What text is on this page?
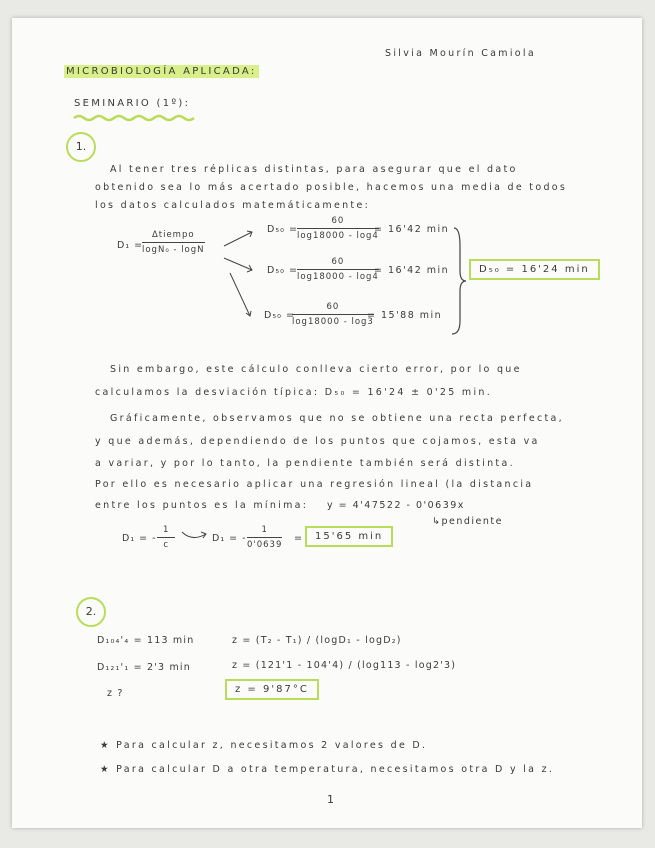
Silvia Mourín Camiola
MICROBIOLOGÍA APLICADA:
SEMINARIO (1º):
1.
Al tener tres réplicas distintas, para asegurar que el dato
obtenido sea lo más acertado posible, hacemos una media de todos
los datos calculados matemáticamente:
D₁ =
Δtiempo
logN₀ - logN
$D_{50} = \frac{60}{\log 18000 - \log 4}$
= 16'42 min
$D_{50} = \frac{60}{\log 18000 - \log 4}$
= 16'42 min
D₅₀ =
$\frac{60}{\log 18000 - \log 3}$
= 15'88 min
D₅₀ = 16'24 min
Sin embargo, este cálculo conlleva cierto error, por lo que
calculamos la desviación típica: D₅₀ = 16'24 ± 0'25 min.
Gráficamente, observamos que no se obtiene una recta perfecta,
y que además, dependiendo de los puntos que cojamos, esta va
a variar, y por lo tanto, la pendiente también será distinta.
Por ello es necesario aplicar una regresión lineal (la distancia
entre los puntos es la mínima: y = 4'47522 - 0'0639x
↳pendiente
D₁ = - $\frac{1}{c}$	D₁ = - $\frac{1}{0'0639}$ =	15'65 min
2.
D₁₀₄'₄ = 113 min
D₁₂₁'₁ = 2'3 min
z ?
z = (T₂ - T₁) / (logD₁ - logD₂)
z = (121'1 - 104'4) / (log113 - log2'3)
z = 9'87°C
★ Para calcular z, necesitamos 2 valores de D.
★ Para calcular D a otra temperatura, necesitamos otra D y la z.
1
